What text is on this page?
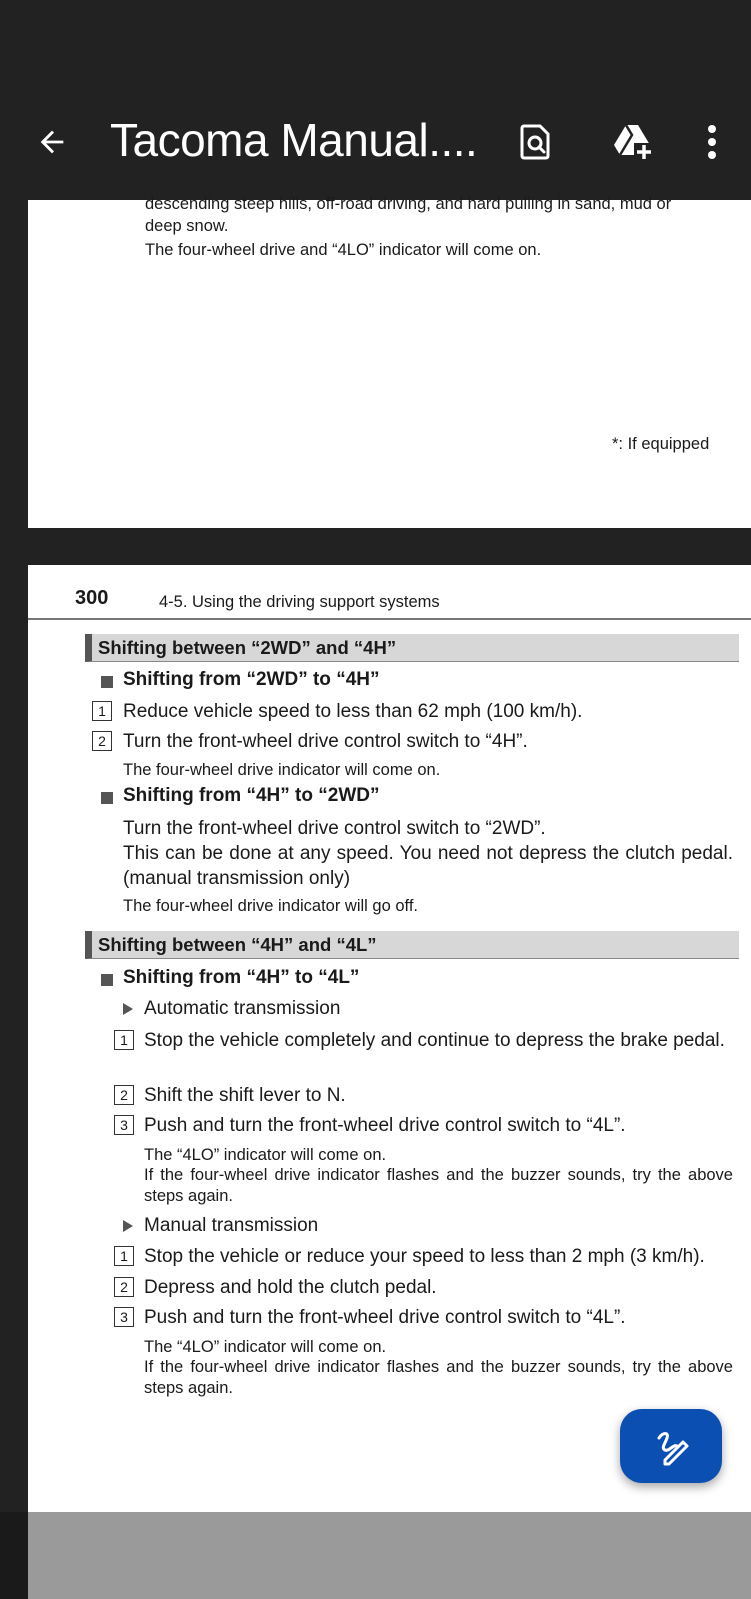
Tacoma Manual....
descending steep hills, off-road driving, and hard pulling in sand, mud or
deep snow.
The four-wheel drive and “4LO” indicator will come on.
*: If equipped
300	4-5. Using the driving support systems
Shifting between “2WD” and “4H”
Shifting from “2WD” to “4H”
1 Reduce vehicle speed to less than 62 mph (100 km/h).
2 Turn the front-wheel drive control switch to “4H”.
The four-wheel drive indicator will come on.
Shifting from “4H” to “2WD”
Turn the front-wheel drive control switch to “2WD”.
This can be done at any speed. You need not depress the clutch pedal. (manual transmission only)
The four-wheel drive indicator will go off.
Shifting between “4H” and “4L”
Shifting from “4H” to “4L”
Automatic transmission
1 Stop the vehicle completely and continue to depress the brake pedal.
2 Shift the shift lever to N.
3 Push and turn the front-wheel drive control switch to “4L”.
The “4LO” indicator will come on.
If the four-wheel drive indicator flashes and the buzzer sounds, try the above steps again.
Manual transmission
1 Stop the vehicle or reduce your speed to less than 2 mph (3 km/h).
2 Depress and hold the clutch pedal.
3 Push and turn the front-wheel drive control switch to “4L”.
The “4LO” indicator will come on.
If the four-wheel drive indicator flashes and the buzzer sounds, try the above steps again.
